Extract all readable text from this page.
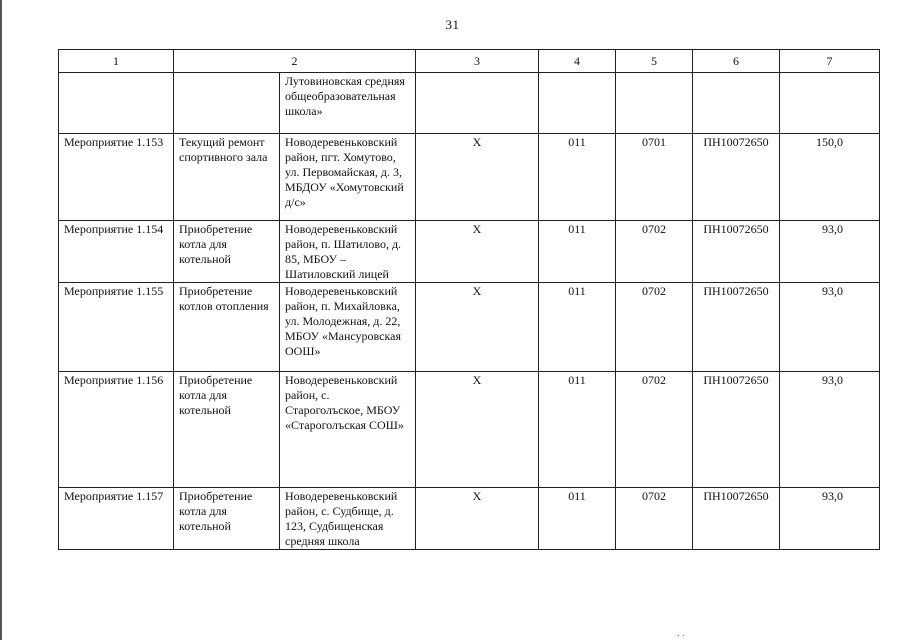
31
1	2		3	4	5	6	7
		Лутовиновская средняя общеобразовательная школа»					
Мероприятие 1.153	Текущий ремонт спортивного зала	Новодеревеньковский район, пгт. Хомутово, ул. Первомайская, д. 3, МБДОУ «Хомутовский д/с»	Х	011	0701	ПН10072650	150,0
Мероприятие 1.154	Приобретение котла для котельной	Новодеревеньковский район, п. Шатилово, д. 85, МБОУ – Шатиловский лицей	Х	011	0702	ПН10072650	93,0
Мероприятие 1.155	Приобретение котлов отопления	Новодеревеньковский район, п. Михайловка, ул. Молодежная, д. 22, МБОУ «Мансуровская ООШ»	Х	011	0702	ПН10072650	93,0
Мероприятие 1.156	Приобретение котла для котельной	Новодеревеньковский район, с. Староголъское, МБОУ «Староголъская СОШ»	Х	011	0702	ПН10072650	93,0
Мероприятие 1.157	Приобретение котла для котельной	Новодеревеньковский район, с. Судбище, д. 123, Судбищенская средняя школа	Х	011	0702	ПН10072650	93,0
. .
